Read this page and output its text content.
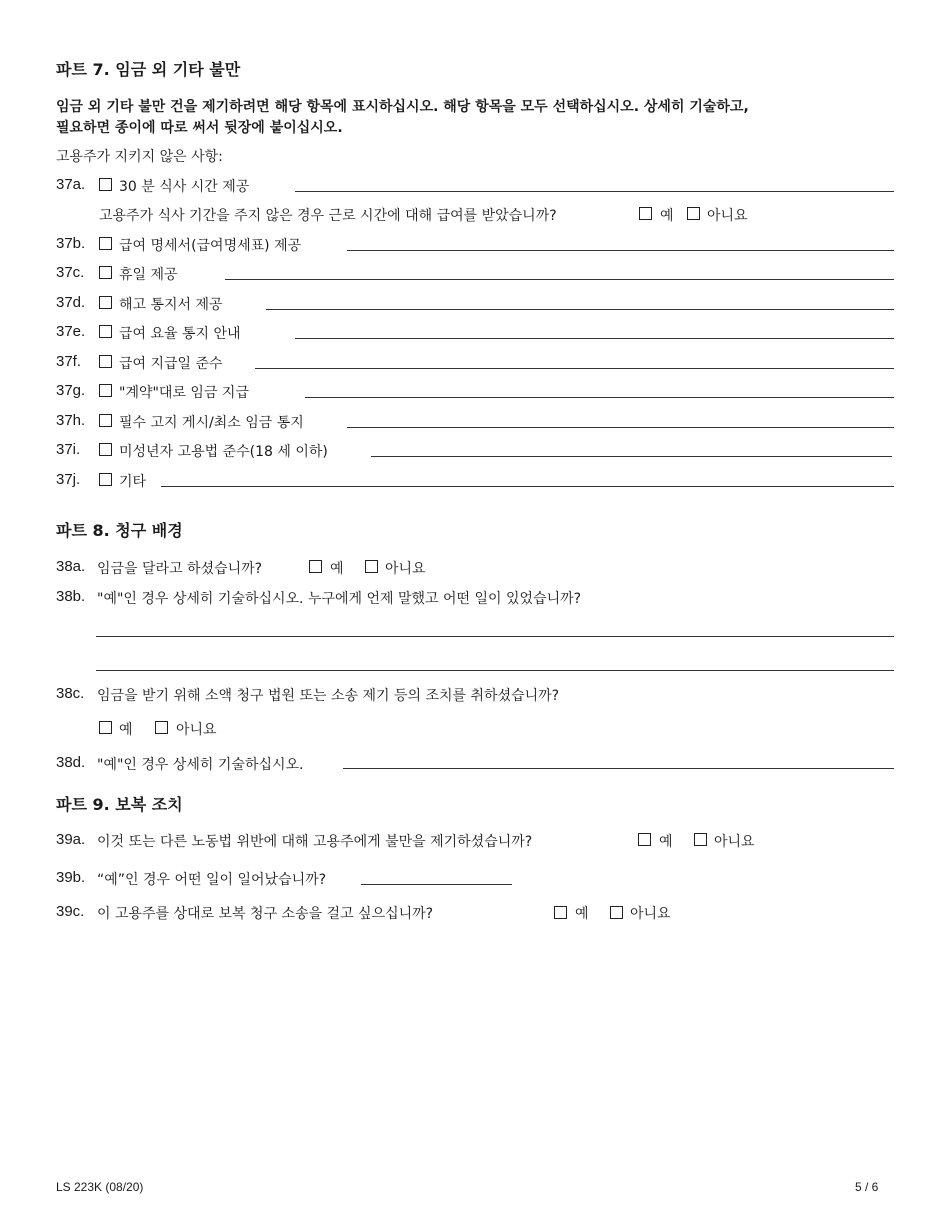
파트 7. 임금 외 기타 불만
임금 외 기타 불만 건을 제기하려면 해당 항목에 표시하십시오. 해당 항목을 모두 선택하십시오. 상세히 기술하고,
필요하면 종이에 따로 써서 뒷장에 붙이십시오.
고용주가 지키지 않은 사항:
37a. 30 분 식사 시간 제공
고용주가 식사 기간을 주지 않은 경우 근로 시간에 대해 급여를 받았습니까?	예 아니요
37b. 급여 명세서(급여명세표) 제공
37c. 휴일 제공
37d. 해고 통지서 제공
37e. 급여 요율 통지 안내
37f.	급여 지급일 준수
37g. "계약"대로 임금 지급
37h. 필수 고지 게시/최소 임금 통지
37i.	미성년자 고용법 준수(18 세 이하)
37j.	기타
파트 8. 청구 배경
38a. 임금을 달라고 하셨습니까?	예	아니요
38b. "예"인 경우 상세히 기술하십시오. 누구에게 언제 말했고 어떤 일이 있었습니까?
38c. 임금을 받기 위해 소액 청구 법원 또는 소송 제기 등의 조치를 취하셨습니까?
예	아니요
38d. "예"인 경우 상세히 기술하십시오.
파트 9. 보복 조치
39a. 이것 또는 다른 노동법 위반에 대해 고용주에게 불만을 제기하셨습니까?	예	아니요
39b. “예”인 경우 어떤 일이 일어났습니까?
39c. 이 고용주를 상대로 보복 청구 소송을 걸고 싶으십니까?	예	아니요
LS 223K (08/20)	5 / 6
